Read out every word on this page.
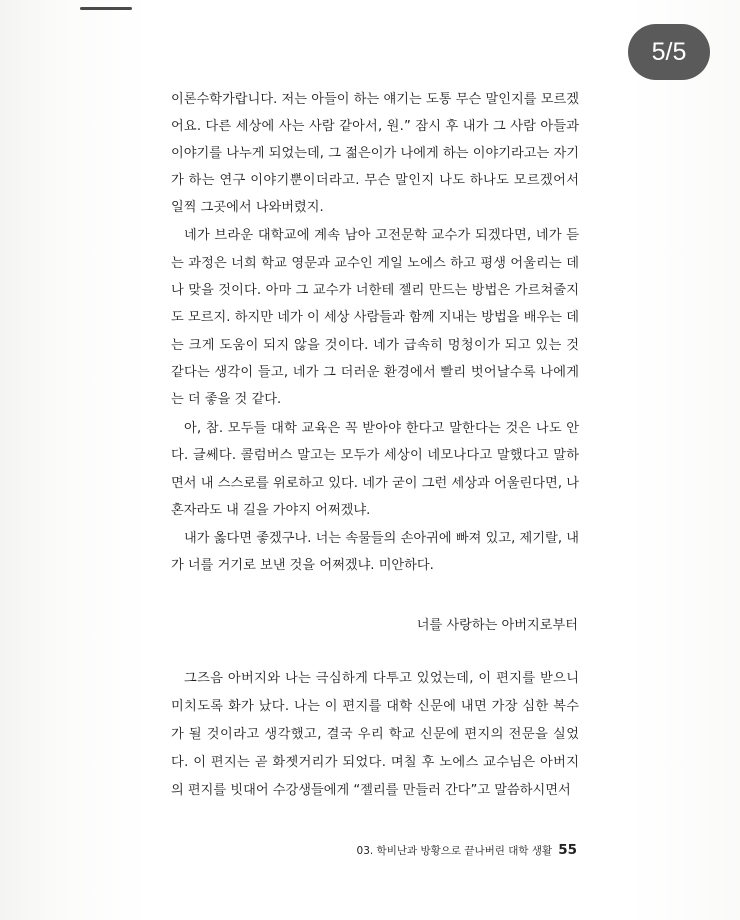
5/5
이론수학가랍니다. 저는 아들이 하는 얘기는 도통 무슨 말인지를 모르겠
어요. 다른 세상에 사는 사람 같아서, 원.” 잠시 후 내가 그 사람 아들과
이야기를 나누게 되었는데, 그 젊은이가 나에게 하는 이야기라고는 자기
가 하는 연구 이야기뿐이더라고. 무슨 말인지 나도 하나도 모르겠어서
일찍 그곳에서 나와버렸지.
네가 브라운 대학교에 계속 남아 고전문학 교수가 되겠다면, 네가 듣
는 과정은 너희 학교 영문과 교수인 게일 노에스 하고 평생 어울리는 데
나 맞을 것이다. 아마 그 교수가 너한테 젤리 만드는 방법은 가르쳐줄지
도 모르지. 하지만 네가 이 세상 사람들과 함께 지내는 방법을 배우는 데
는 크게 도움이 되지 않을 것이다. 네가 급속히 멍청이가 되고 있는 것
같다는 생각이 들고, 네가 그 더러운 환경에서 빨리 벗어날수록 나에게
는 더 좋을 것 같다.
아, 참. 모두들 대학 교육은 꼭 받아야 한다고 말한다는 것은 나도 안
다. 글쎄다. 콜럼버스 말고는 모두가 세상이 네모나다고 말했다고 말하
면서 내 스스로를 위로하고 있다. 네가 굳이 그런 세상과 어울린다면, 나
혼자라도 내 길을 가야지 어쩌겠냐.
내가 옳다면 좋겠구나. 너는 속물들의 손아귀에 빠져 있고, 제기랄, 내
가 너를 거기로 보낸 것을 어쩌겠냐. 미안하다.
너를 사랑하는 아버지로부터
그즈음 아버지와 나는 극심하게 다투고 있었는데, 이 편지를 받으니
미치도록 화가 났다. 나는 이 편지를 대학 신문에 내면 가장 심한 복수
가 될 것이라고 생각했고, 결국 우리 학교 신문에 편지의 전문을 실었
다. 이 편지는 곧 화젯거리가 되었다. 며칠 후 노에스 교수님은 아버지
의 편지를 빗대어 수강생들에게 “젤리를 만들러 간다”고 말씀하시면서
03. 학비난과 방황으로 끝나버린 대학 생활 55
